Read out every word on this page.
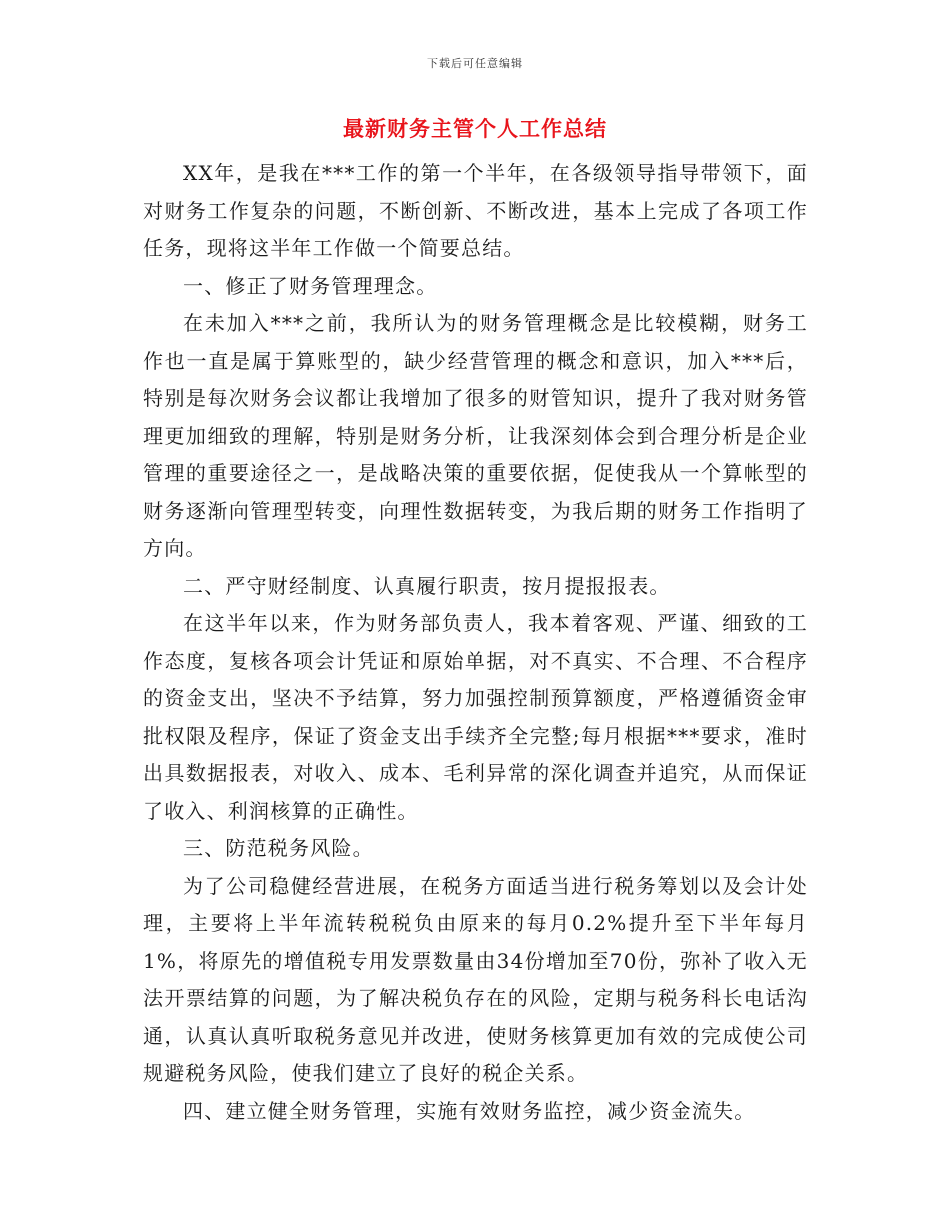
下载后可任意编辑
最新财务主管个人工作总结

XX年，是我在***工作的第一个半年，在各级领导指导带领下，面对财务工作复杂的问题，不断创新、不断改进，基本上完成了各项工作任务，现将这半年工作做一个简要总结。

一、修正了财务管理理念。

在未加入***之前，我所认为的财务管理概念是比较模糊，财务工作也一直是属于算账型的，缺少经营管理的概念和意识，加入***后，特别是每次财务会议都让我增加了很多的财管知识，提升了我对财务管理更加细致的理解，特别是财务分析，让我深刻体会到合理分析是企业管理的重要途径之一，是战略决策的重要依据，促使我从一个算帐型的财务逐渐向管理型转变，向理性数据转变，为我后期的财务工作指明了方向。

二、严守财经制度、认真履行职责，按月提报报表。

在这半年以来，作为财务部负责人，我本着客观、严谨、细致的工作态度，复核各项会计凭证和原始单据，对不真实、不合理、不合程序的资金支出，坚决不予结算，努力加强控制预算额度，严格遵循资金审批权限及程序，保证了资金支出手续齐全完整;每月根据***要求，准时出具数据报表，对收入、成本、毛利异常的深化调查并追究，从而保证了收入、利润核算的正确性。

三、防范税务风险。

为了公司稳健经营进展，在税务方面适当进行税务筹划以及会计处理，主要将上半年流转税税负由原来的每月0.2%提升至下半年每月1%，将原先的增值税专用发票数量由34份增加至70份，弥补了收入无法开票结算的问题，为了解决税负存在的风险，定期与税务科长电话沟通，认真认真听取税务意见并改进，使财务核算更加有效的完成使公司规避税务风险，使我们建立了良好的税企关系。

四、建立健全财务管理，实施有效财务监控，减少资金流失。
